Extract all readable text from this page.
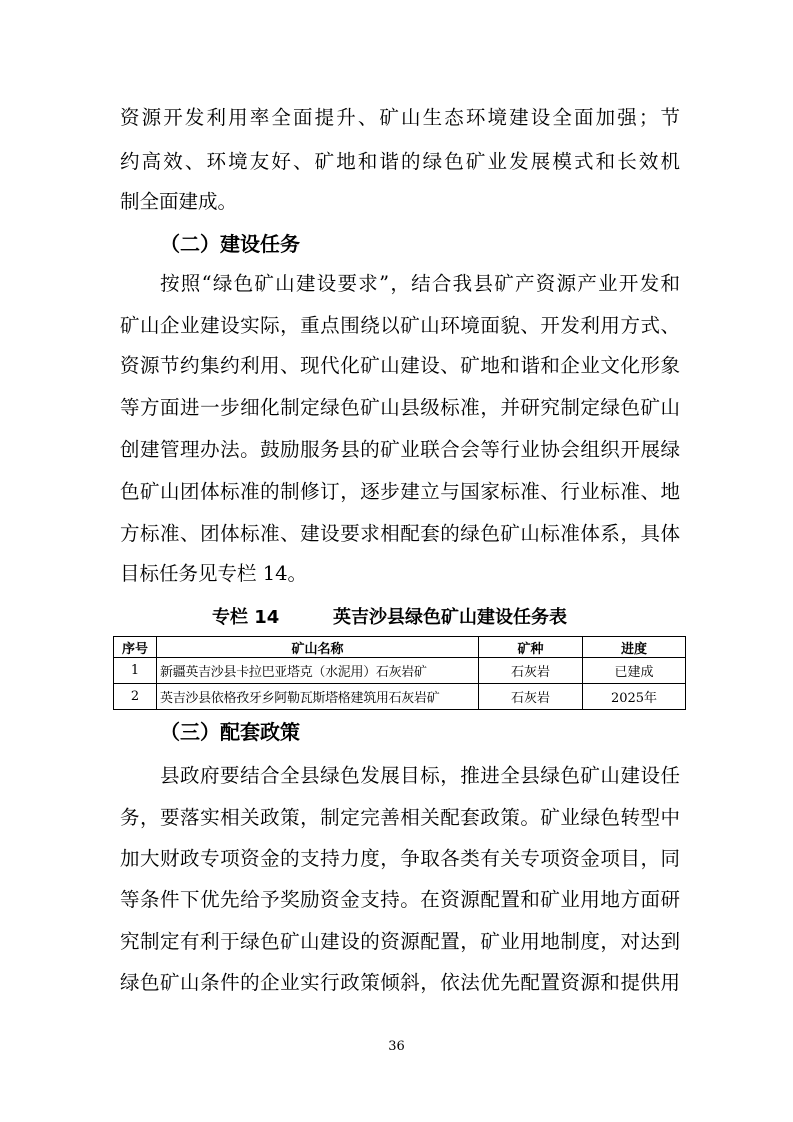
资源开发利用率全面提升、矿山生态环境建设全面加强；节
约高效、环境友好、矿地和谐的绿色矿业发展模式和长效机
制全面建成。
（二）建设任务
按照“绿色矿山建设要求”，结合我县矿产资源产业开发和
矿山企业建设实际，重点围绕以矿山环境面貌、开发利用方式、
资源节约集约利用、现代化矿山建设、矿地和谐和企业文化形象
等方面进一步细化制定绿色矿山县级标准，并研究制定绿色矿山
创建管理办法。鼓励服务县的矿业联合会等行业协会组织开展绿
色矿山团体标准的制修订，逐步建立与国家标准、行业标准、地
方标准、团体标准、建设要求相配套的绿色矿山标准体系，具体
目标任务见专栏 14。
专栏 14	英吉沙县绿色矿山建设任务表
序号	矿山名称	矿种	进度
1	新疆英吉沙县卡拉巴亚塔克（水泥用）石灰岩矿	石灰岩	已建成
2	英吉沙县依格孜牙乡阿勒瓦斯塔格建筑用石灰岩矿	石灰岩	2025年
（三）配套政策
县政府要结合全县绿色发展目标，推进全县绿色矿山建设任
务，要落实相关政策，制定完善相关配套政策。矿业绿色转型中
加大财政专项资金的支持力度，争取各类有关专项资金项目，同
等条件下优先给予奖励资金支持。在资源配置和矿业用地方面研
究制定有利于绿色矿山建设的资源配置，矿业用地制度，对达到
绿色矿山条件的企业实行政策倾斜，依法优先配置资源和提供用
36
